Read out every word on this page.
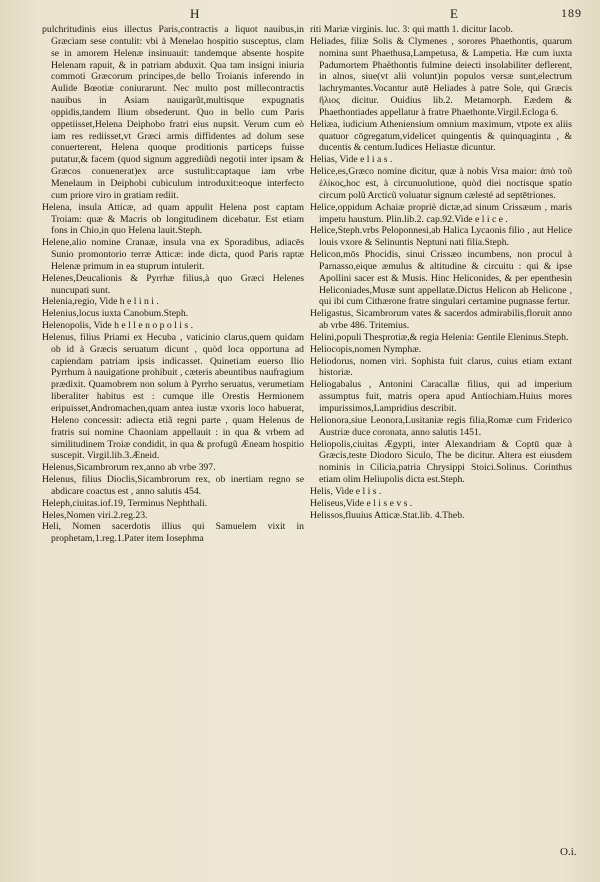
H	E	189

pulchritudinis eius illectus Paris,contractis a liquot nauibus,in Græciam sese contulit: vbi à Menelao hospitio susceptus, clam se in amorem Helenæ insinuauit: tandemque absente hospite Helenam rapuit, & in patriam abduxit. Qua tam insigni iniuria commoti Græcorum principes,de bello Troianis inferendo in Aulide Bœotiæ coniurarunt. Nec multo post millecontractis nauibus in Asiam nauigarũt,multisque expugnatis oppidis,tandem Ilium obsederunt. Quo in bello cum Paris oppetiisset,Helena Deiphobo fratri eius nupsit. Verum cum eò iam res rediisset,vt Græci armis diffidentes ad dolum sese conuerterent, Helena quoque proditionis particeps fuisse putatur,& facem (quod signum aggrediũdi negotii inter ipsam & Græcos conuenerat)ex arce sustulit:captaque iam vrbe Menelaum in Deiphobi cubiculum introduxit:eoque interfecto cum priore viro in gratiam rediit.

Helena, insula Atticæ, ad quam appulit Helena post captam Troiam: quæ & Macris ob longitudinem dicebatur. Est etiam fons in Chio,in quo Helena lauit.Steph.

Helene,alio nomine Cranaæ, insula vna ex Sporadibus, adiacēs Sunio promontorio terræ Atticæ: inde dicta, quod Paris raptæ Helenæ primum in ea stuprum intulerit.

Helenes,Deucalionis & Pyrrhæ filius,à quo Græci Helenes nuncupati sunt.

Helenia,regio, Vide h e l i n i .

Helenius,locus iuxta Canobum.Steph.

Helenopolis, Vide h e l l e n o p o l i s .

Helenus, filius Priami ex Hecuba , vaticinio clarus,quem quidam ob id à Græcis seruatum dicunt , quòd loca opportuna ad capiendam patriam ipsis indicasset. Quinetiam euerso Ilio Pyrrhum à nauigatione prohibuit , cæteris abeuntibus naufragium prædixit. Quamobrem non solum à Pyrrho seruatus, verumetiam liberaliter habitus est : cumque ille Orestis Hermionem eripuisset,Andromachen,quam antea iustæ vxoris loco habuerat, Heleno concessit: adiecta etiã regni parte , quam Helenus de fratris sui nomine Chaoniam appellauit : in qua & vrbem ad similitudinem Troiæ condidit, in qua & profugũ Æneam hospitio suscepit. Virgil.lib.3.Æneid.

Helenus,Sicambrorum rex,anno ab vrbe 397.

Helenus, filius Dioclis,Sicambrorum rex, ob inertiam regno se abdicare coactus est , anno salutis 454.

Heleph,ciuitas.iof.19, Terminus Nephthali.

Heles,Nomen viri.2.reg.23.

Heli, Nomen sacerdotis illius qui Samuelem vixit in prophetam,1.reg.1.Pater item Iosephma

riti Mariæ virginis. luc. 3: qui matth 1. dicitur Iacob.

Heliades, filiæ Solis & Clymenes , sorores Phaethontis, quarum nomina sunt Phaethusa,Lampetusa, & Lampetia. Hæ cum iuxta Padumortem Phaëthontis fulmine deiecti insolabiliter deflerent, in alnos, siue(vt alii volunt)in populos versæ sunt,electrum lachrymantes.Vocantur autē Heliades à patre Sole, qui Græcis ἥλιος dicitur. Ouidius lib.2. Metamorph. Eædem & Phaethontiades appellatur à fratre Phaethonte.Virgil.Ecloga 6.

Heliæa, iudicium Atheniensium omnium maximum, vtpote ex aliis quatuor cōgregatum,videlicet quingentis & quinquaginta , & ducentis & centum.Iudices Heliastæ dicuntur.

Helias, Vide e l i a s .

Helice,es,Græco nomine dicitur, quæ à nobis Vrsa maior: ἀπὸ τοῦ ἑλίκος,hoc est, à circunuolutione, quòd diei noctisque spatio circum polũ Arcticũ voluatur signum cælesté ad septētriones.

Helice,oppidum Achaiæ propriè dictæ,ad sinum Crissæum , maris impetu haustum. Plin.lib.2. cap.92.Vide e l i c e .

Helice,Steph.vrbs Peloponnesi,ab Halica Lycaonis filio , aut Helice louis vxore & Selinuntis Neptuni nati filia.Steph.

Helicon,mōs Phocidis, sinui Crissæo incumbens, non procul à Parnasso,eique æmulus & altitudine & circuitu : qui & ipse Apollini sacer est & Musis. Hinc Heliconides, & per epenthesin Heliconiades,Musæ sunt appellatæ.Dictus Helicon ab Helicone , qui ibi cum Cithærone fratre singulari certamine pugnasse fertur.

Heligastus, Sicambrorum vates & sacerdos admirabilis,floruit anno ab vrbe 486. Tritemius.

Helini,populi Thesprotiæ,& regia Helenia: Gentile Eleninus.Steph.

Heliocopis,nomen Nymphæ.

Heliodorus, nomen viri. Sophista fuit clarus, cuius etiam extant historiæ.

Heliogabalus , Antonini Caracallæ filius, qui ad imperium assumptus fuit, matris opera apud Antiochiam.Huius mores impurissimos,Lampridius describit.

Helionora,siue Leonora,Lusitaniæ regis filia,Romæ cum Friderico Austriæ duce coronata, anno salutis 1451.

Heliopolis,ciuitas Ægypti, inter Alexandriam & Coptū quæ à Græcis,teste Diodoro Siculo, The be dicitur. Altera est eiusdem nominis in Cilicia,patria Chrysippi Stoici.Solinus. Corinthus etiam olim Heliupolis dicta est.Steph.

Helis, Vide e l i s .

Heliseus,Vide e l i s e v s .

Helissos,fluuius Atticæ.Stat.lib. 4.Theb.

O.i.
